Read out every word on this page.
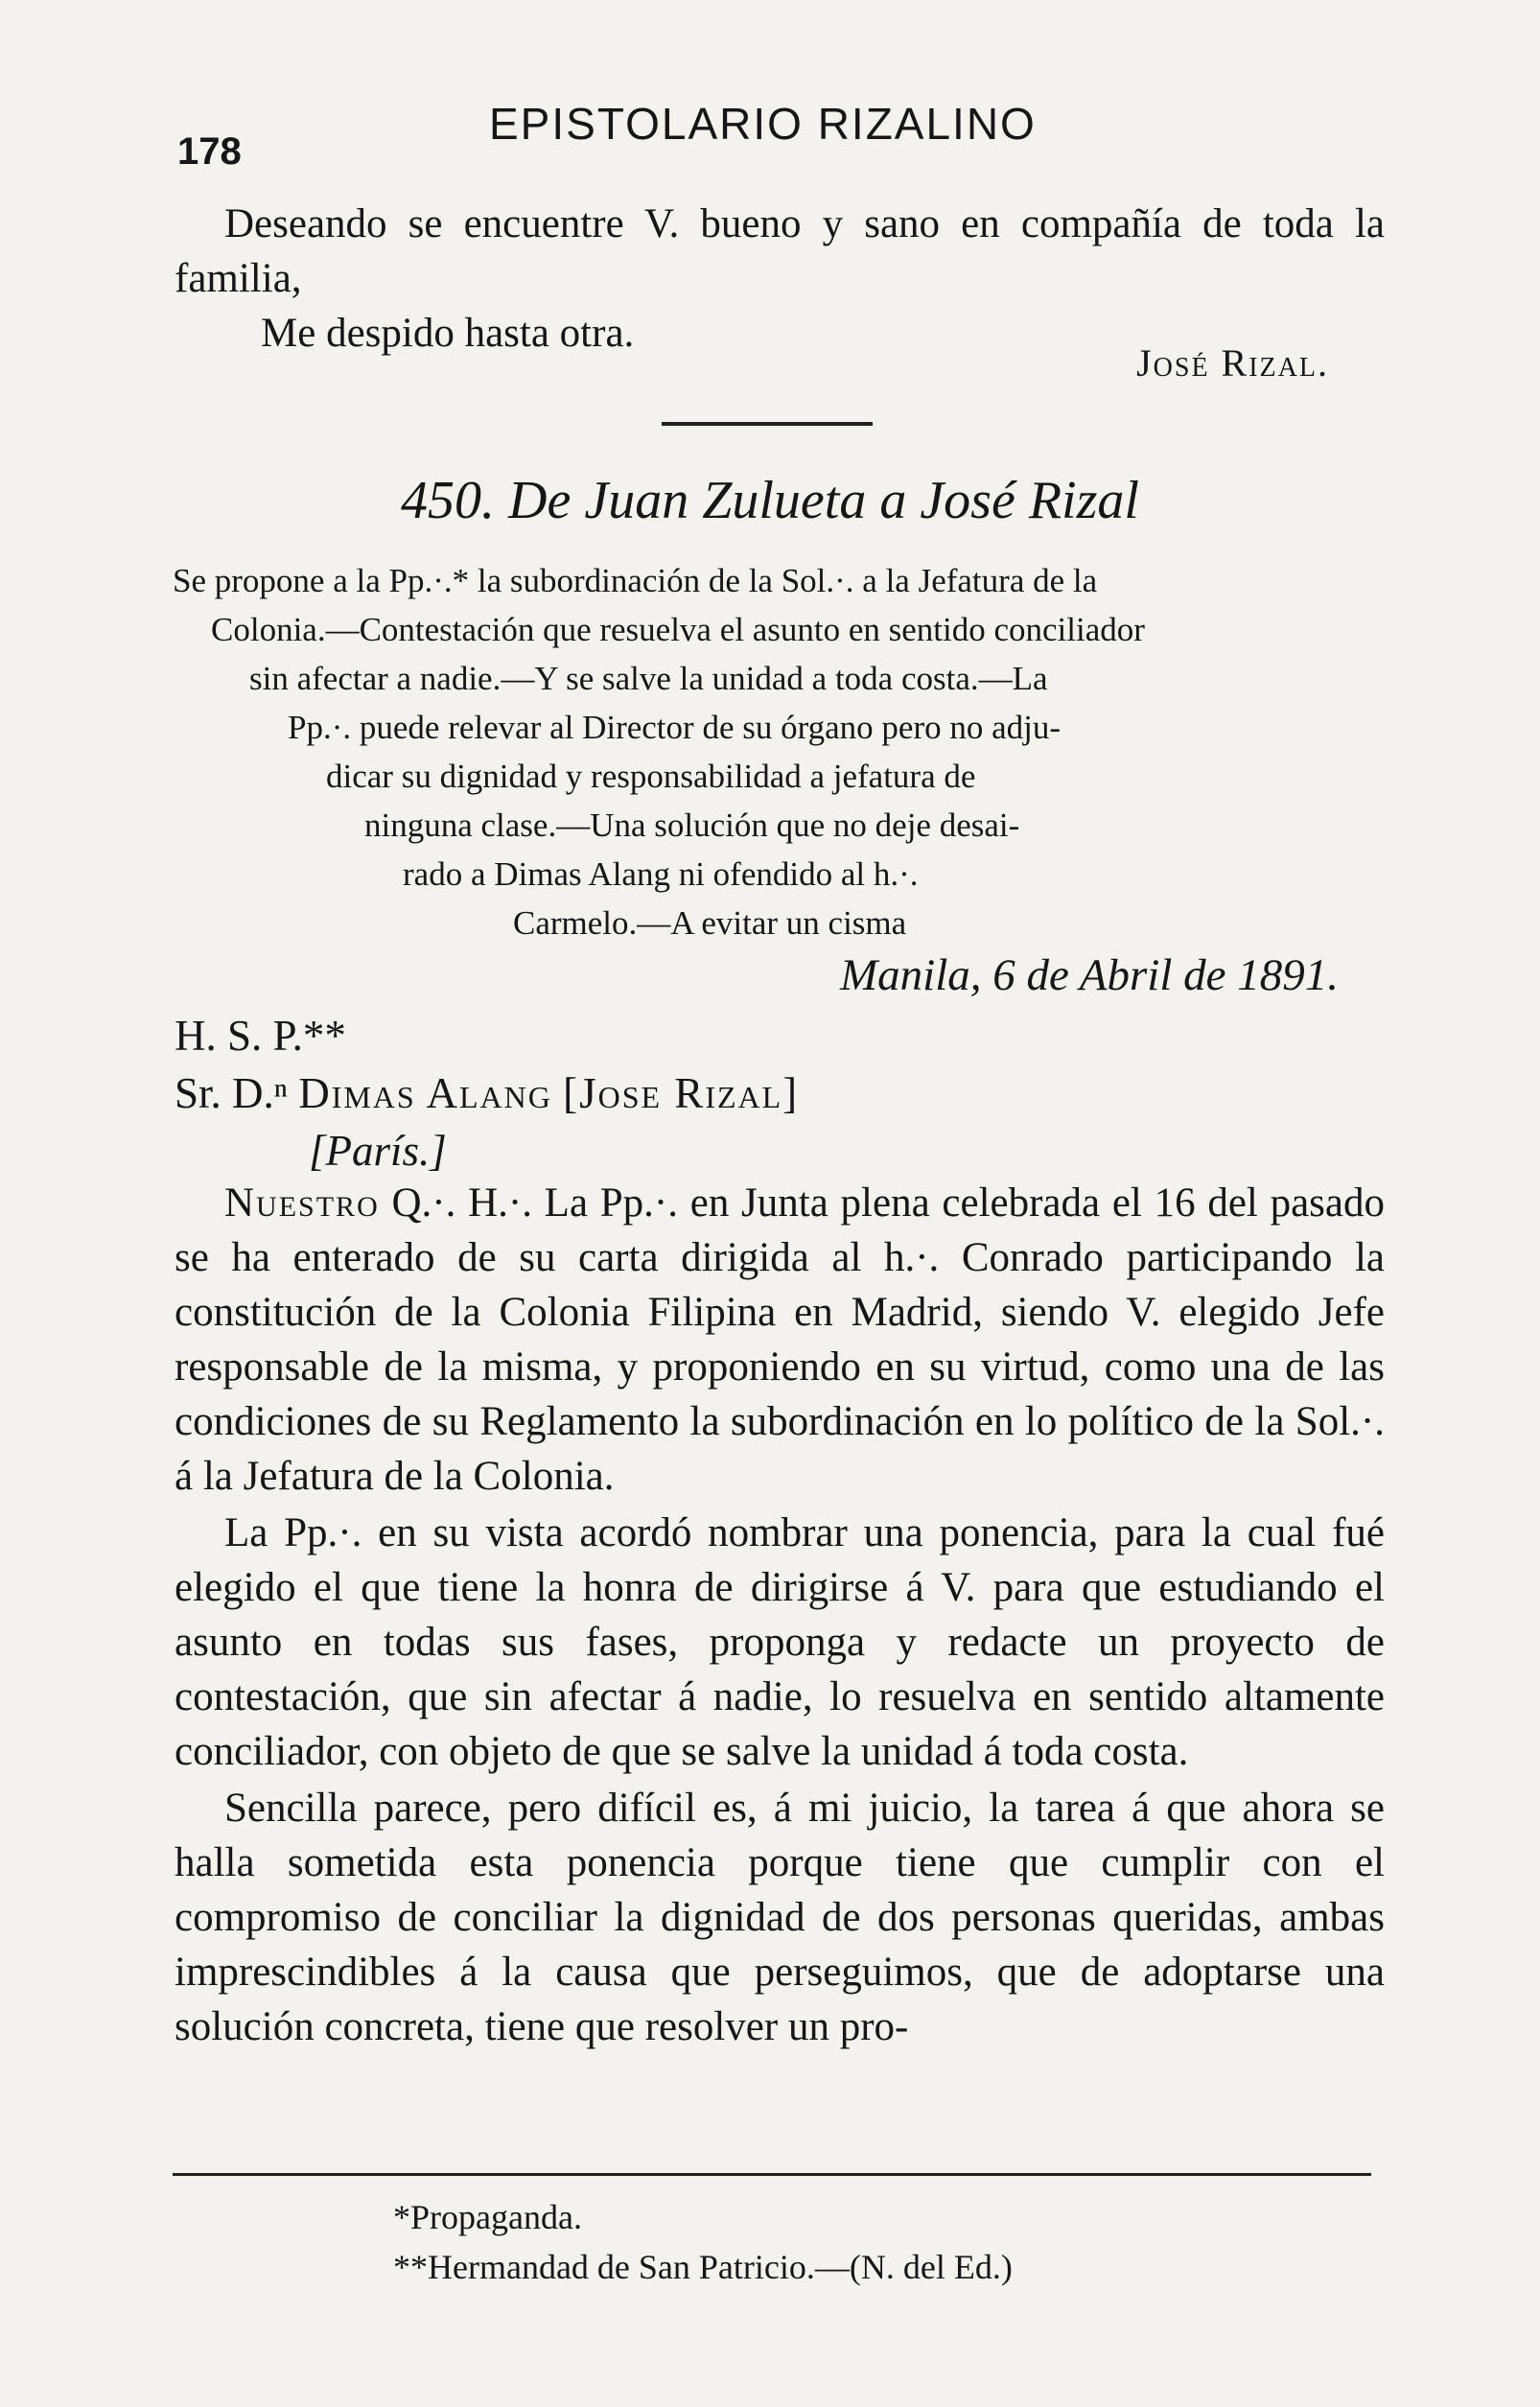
178
EPISTOLARIO RIZALINO

Deseando se encuentre V. bueno y sano en compañía de toda la familia,

Me despido hasta otra.

José Rizal.
450. De Juan Zulueta a José Rizal
Se propone a la Pp.·.* la subordinación de la Sol.·. a la Jefatura de la
Colonia.—Contestación que resuelva el asunto en sentido conciliador
sin afectar a nadie.—Y se salve la unidad a toda costa.—La
Pp.·. puede relevar al Director de su órgano pero no adju-
dicar su dignidad y responsabilidad a jefatura de
ninguna clase.—Una solución que no deje desai-
rado a Dimas Alang ni ofendido al h.·.
Carmelo.—A evitar un cisma
Manila, 6 de Abril de 1891.
H. S. P.**
Sr. D.ⁿ Dimas Alang [Jose Rizal]
[París.]

Nuestro Q.·. H.·. La Pp.·. en Junta plena celebrada el 16 del pasado se ha enterado de su carta dirigida al h.·. Conrado participando la constitución de la Colonia Filipina en Madrid, siendo V. elegido Jefe responsable de la misma, y proponiendo en su virtud, como una de las condiciones de su Reglamento la subordinación en lo político de la Sol.·. á la Jefatura de la Colonia.

La Pp.·. en su vista acordó nombrar una ponencia, para la cual fué elegido el que tiene la honra de dirigirse á V. para que estudiando el asunto en todas sus fases, proponga y redacte un proyecto de contestación, que sin afectar á nadie, lo resuelva en sentido altamente conciliador, con objeto de que se salve la unidad á toda costa.

Sencilla parece, pero difícil es, á mi juicio, la tarea á que ahora se halla sometida esta ponencia porque tiene que cumplir con el compromiso de conciliar la dignidad de dos personas queridas, ambas imprescindibles á la causa que perseguimos, que de adoptarse una solución concreta, tiene que resolver un pro-

*Propaganda.
**Hermandad de San Patricio.—(N. del Ed.)
